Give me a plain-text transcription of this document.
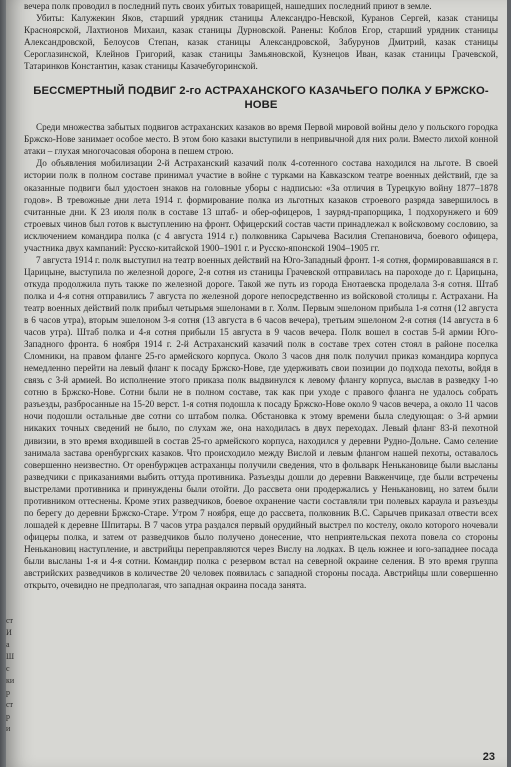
вечера полк проводил в последний путь своих убитых товарищей, нашедших последний приют в земле.

Убиты: Калужекин Яков, старший урядник станицы Александро-Невской, Куранов Сергей, казак станицы Красноярской, Лахтионов Михаил, казак станицы Дурновской. Ранены: Коблов Егор, старший урядник станицы Александровской, Белоусов Степан, казак станицы Александровской, Забурунов Дмитрий, казак станицы Сероглазинской, Клейнов Григорий, казак станицы Замьяновской, Кузнецов Иван, казак станицы Грачевской, Татаринков Константин, казак станицы Казачебугоринской.

БЕССМЕРТНЫЙ ПОДВИГ 2-го АСТРАХАНСКОГО КАЗАЧЬЕГО ПОЛКА У БРЖСКО-НОВЕ

Среди множества забытых подвигов астраханских казаков во время Первой мировой войны дело у польского городка Бржско-Нове занимает особое место. В этом бою казаки выступили в непривычной для них роли. Вместо лихой конной атаки – глухая многочасовая оборона в пешем строю.

До объявления мобилизации 2-й Астраханский казачий полк 4-сотенного состава находился на льготе. В своей истории полк в полном составе принимал участие в войне с турками на Кавказском театре военных действий, где за оказанные подвиги был удостоен знаков на головные уборы с надписью: «За отличия в Турецкую войну 1877–1878 годов». В тревожные дни лета 1914 г. формирование полка из льготных казаков строевого разряда завершилось в считанные дни. К 23 июля полк в составе 13 штаб- и обер-офицеров, 1 зауряд-прапорщика, 1 подхорунжего и 609 строевых чинов был готов к выступлению на фронт. Офицерский состав части принадлежал к войсковому сословию, за исключением командира полка (с 4 августа 1914 г.) полковника Сарычева Василия Степановича, боевого офицера, участника двух кампаний: Русско-китайской 1900–1901 г. и Русско-японской 1904–1905 гг.

7 августа 1914 г. полк выступил на театр военных действий на Юго-Западный фронт. 1-я сотня, формировавшаяся в г. Царицыне, выступила по железной дороге, 2-я сотня из станицы Грачевской отправилась на пароходе до г. Царицына, откуда продолжила путь также по железной дороге. Такой же путь из города Енотаевска проделала 3-я сотня. Штаб полка и 4-я сотня отправились 7 августа по железной дороге непосредственно из войсковой столицы г. Астрахани. На театр военных действий полк прибыл четырьмя эшелонами в г. Холм. Первым эшелоном прибыла 1-я сотня (12 августа в 6 часов утра), вторым эшелоном 3-я сотня (13 августа в 6 часов вечера), третьим эшелоном 2-я сотня (14 августа в 6 часов утра). Штаб полка и 4-я сотня прибыли 15 августа в 9 часов вечера. Полк вошел в состав 5-й армии Юго-Западного фронта. 6 ноября 1914 г. 2-й Астраханский казачий полк в составе трех сотен стоял в районе поселка Сломники, на правом фланге 25-го армейского корпуса. Около 3 часов дня полк получил приказ командира корпуса немедленно перейти на левый фланг к посаду Бржско-Нове, где удерживать свои позиции до подхода пехоты, войдя в связь с 3-й армией. Во исполнение этого приказа полк выдвинулся к левому флангу корпуса, выслав в разведку 1-ю сотню в Бржско-Нове. Сотни были не в полном составе, так как при уходе с правого фланга не удалось собрать разъезды, разбросанные на 15-20 верст. 1-я сотня подошла к посаду Бржско-Нове около 9 часов вечера, а около 11 часов ночи подошли остальные две сотни со штабом полка. Обстановка к этому времени была следующая: о 3-й армии никаких точных сведений не было, по слухам же, она находилась в двух переходах. Левый фланг 83-й пехотной дивизии, в это время входившей в состав 25-го армейского корпуса, находился у деревни Рудно-Дольне. Само селение занимала застава оренбургских казаков. Что происходило между Вислой и левым флангом нашей пехоты, оставалось совершенно неизвестно. От оренбуржцев астраханцы получили сведения, что в фольварк Ненькановице были высланы разведчики с приказаниями выбить оттуда противника. Разъезды дошли до деревни Вавженчице, где были встречены выстрелами противника и принуждены были отойти. До рассвета они продержались у Ненькановиц, но затем были противником оттеснены. Кроме этих разведчиков, боевое охранение части составляли три полевых караула и разъезды по берегу до деревни Бржско-Старе. Утром 7 ноября, еще до рассвета, полковник В.С. Сарычев приказал отвести всех лошадей к деревне Шпитары. В 7 часов утра раздался первый орудийный выстрел по костелу, около которого ночевали офицеры полка, и затем от разведчиков было получено донесение, что неприятельская пехота повела со стороны Ненькановиц наступление, и австрийцы переправляются через Вислу на лодках. В цель южнее и юго-западнее посада были высланы 1-я и 4-я сотни. Командир полка с резервом встал на северной окраине селения. В это время группа австрийских разведчиков в количестве 20 человек появилась с западной стороны посада. Австрийцы шли совершенно открыто, очевидно не предполагая, что западная окраина посада занята.

23
ст
И
а
Ш
с
ки
р
ст
р
и
